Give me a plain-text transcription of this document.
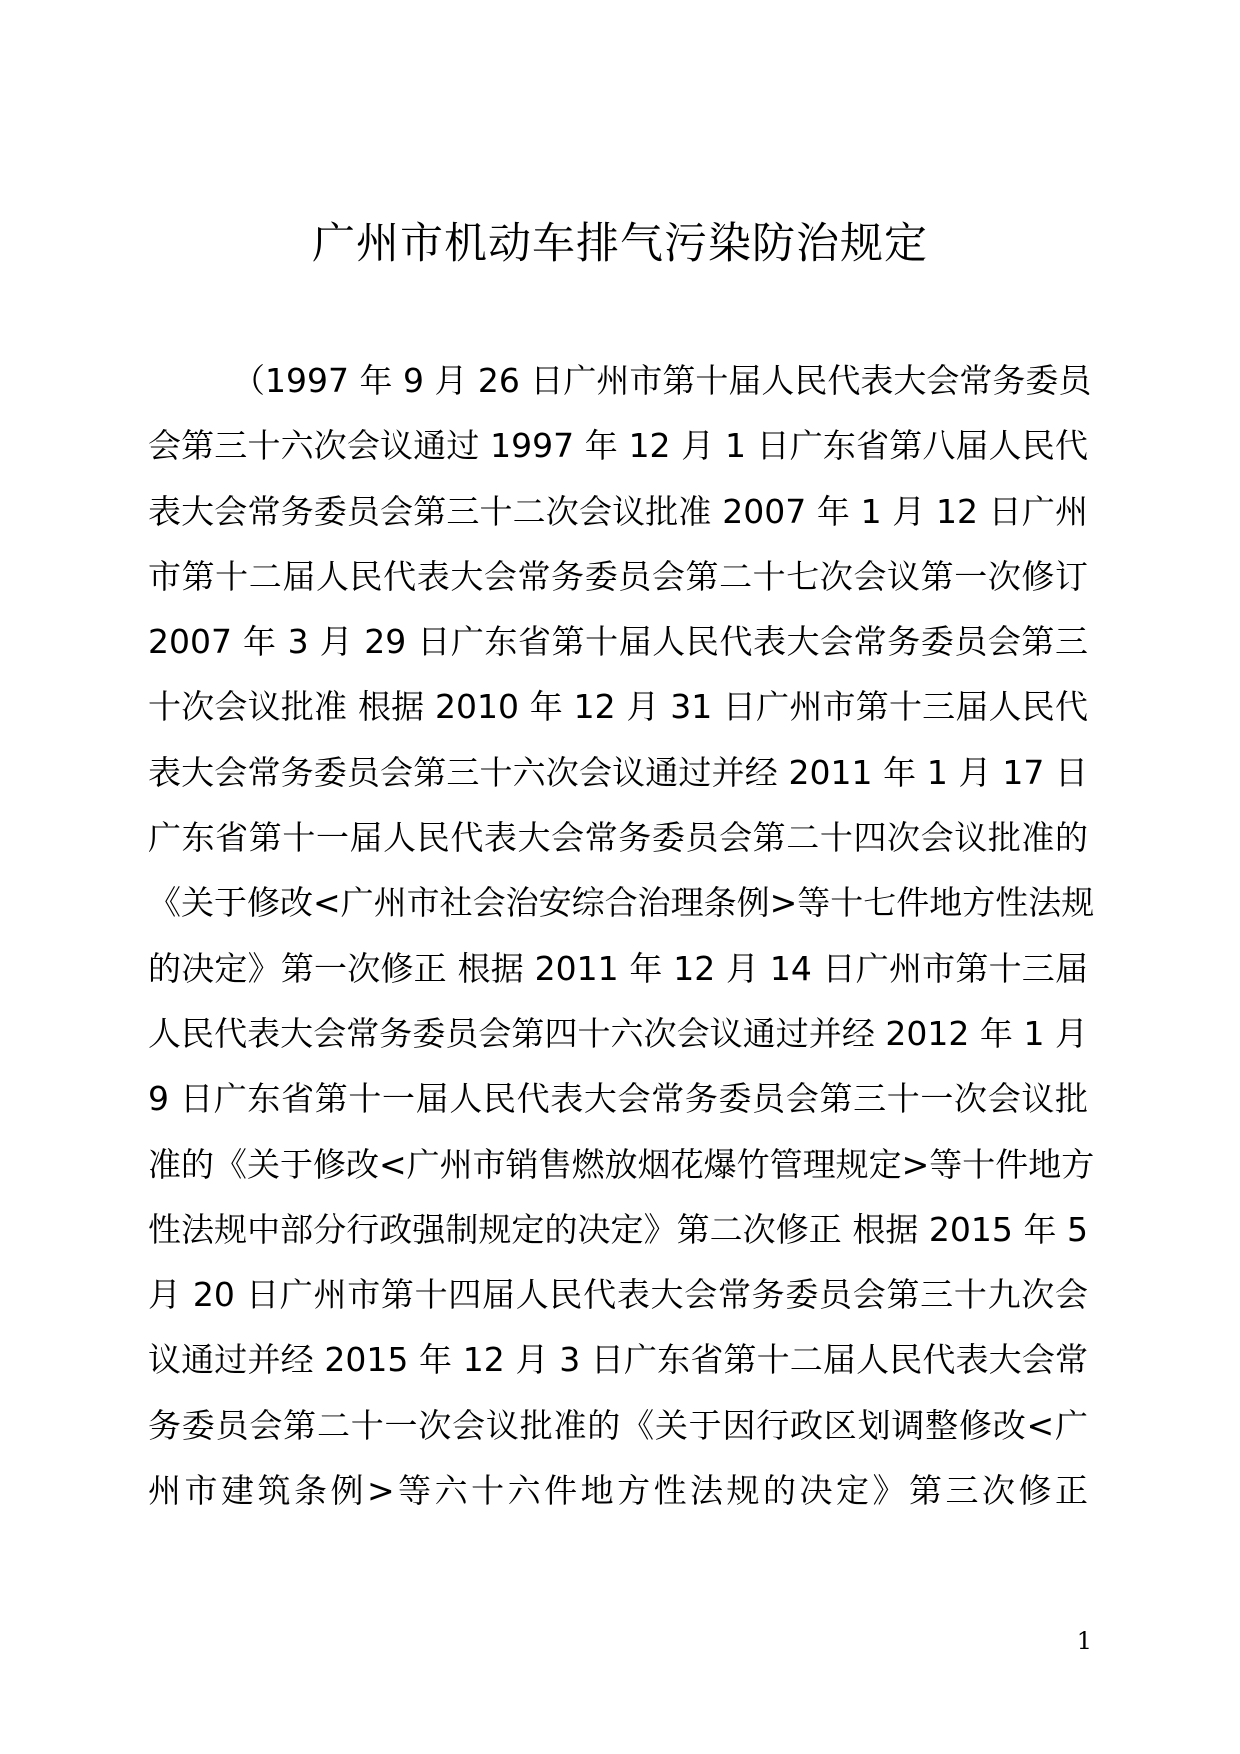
广州市机动车排气污染防治规定
（1997 年 9 月 26 日广州市第十届人民代表大会常务委员
会第三十六次会议通过 1997 年 12 月 1 日广东省第八届人民代
表大会常务委员会第三十二次会议批准 2007 年 1 月 12 日广州
市第十二届人民代表大会常务委员会第二十七次会议第一次修订
2007 年 3 月 29 日广东省第十届人民代表大会常务委员会第三
十次会议批准 根据 2010 年 12 月 31 日广州市第十三届人民代
表大会常务委员会第三十六次会议通过并经 2011 年 1 月 17 日
广东省第十一届人民代表大会常务委员会第二十四次会议批准的
《关于修改<广州市社会治安综合治理条例>等十七件地方性法规
的决定》第一次修正 根据 2011 年 12 月 14 日广州市第十三届
人民代表大会常务委员会第四十六次会议通过并经 2012 年 1 月
9 日广东省第十一届人民代表大会常务委员会第三十一次会议批
准的《关于修改<广州市销售燃放烟花爆竹管理规定>等十件地方
性法规中部分行政强制规定的决定》第二次修正 根据 2015 年 5
月 20 日广州市第十四届人民代表大会常务委员会第三十九次会
议通过并经 2015 年 12 月 3 日广东省第十二届人民代表大会常
务委员会第二十一次会议批准的《关于因行政区划调整修改<广
州市建筑条例>等六十六件地方性法规的决定》第三次修正
1
